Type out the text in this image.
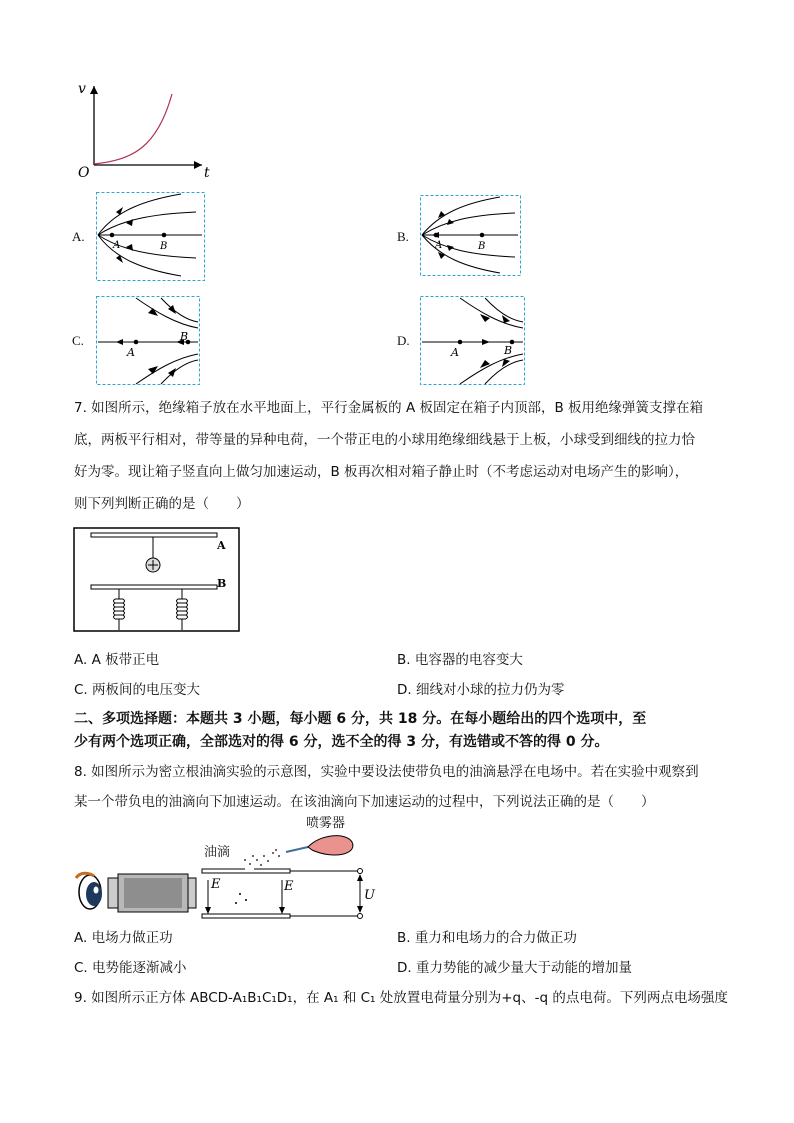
v
t
O
A.
A	B
B.
A	B
C.
A
B	D.
A	B
7. 如图所示，绝缘箱子放在水平地面上，平行金属板的 A 板固定在箱子内顶部，B 板用绝缘弹簧支撑在箱
底，两板平行相对，带等量的异种电荷，一个带正电的小球用绝缘细线悬于上板，小球受到细线的拉力恰
好为零。现让箱子竖直向上做匀加速运动，B 板再次相对箱子静止时（不考虑运动对电场产生的影响），
则下列判断正确的是（　　）
A
B
A. A 板带正电	B. 电容器的电容变大
C. 两板间的电压变大	D. 细线对小球的拉力仍为零
二、多项选择题：本题共 3 小题，每小题 6 分，共 18 分。在每小题给出的四个选项中，至
少有两个选项正确，全部选对的得 6 分，选不全的得 3 分，有选错或不答的得 0 分。
8. 如图所示为密立根油滴实验的示意图，实验中要设法使带负电的油滴悬浮在电场中。若在实验中观察到
某一个带负电的油滴向下加速运动。在该油滴向下加速运动的过程中，下列说法正确的是（　　）
E	E
U
喷雾器
油滴
A. 电场力做正功	B. 重力和电场力的合力做正功
C. 电势能逐渐减小	D. 重力势能的减少量大于动能的增加量
9. 如图所示正方体 ABCD-A₁B₁C₁D₁，在 A₁ 和 C₁ 处放置电荷量分别为+q、-q 的点电荷。下列两点电场强度
